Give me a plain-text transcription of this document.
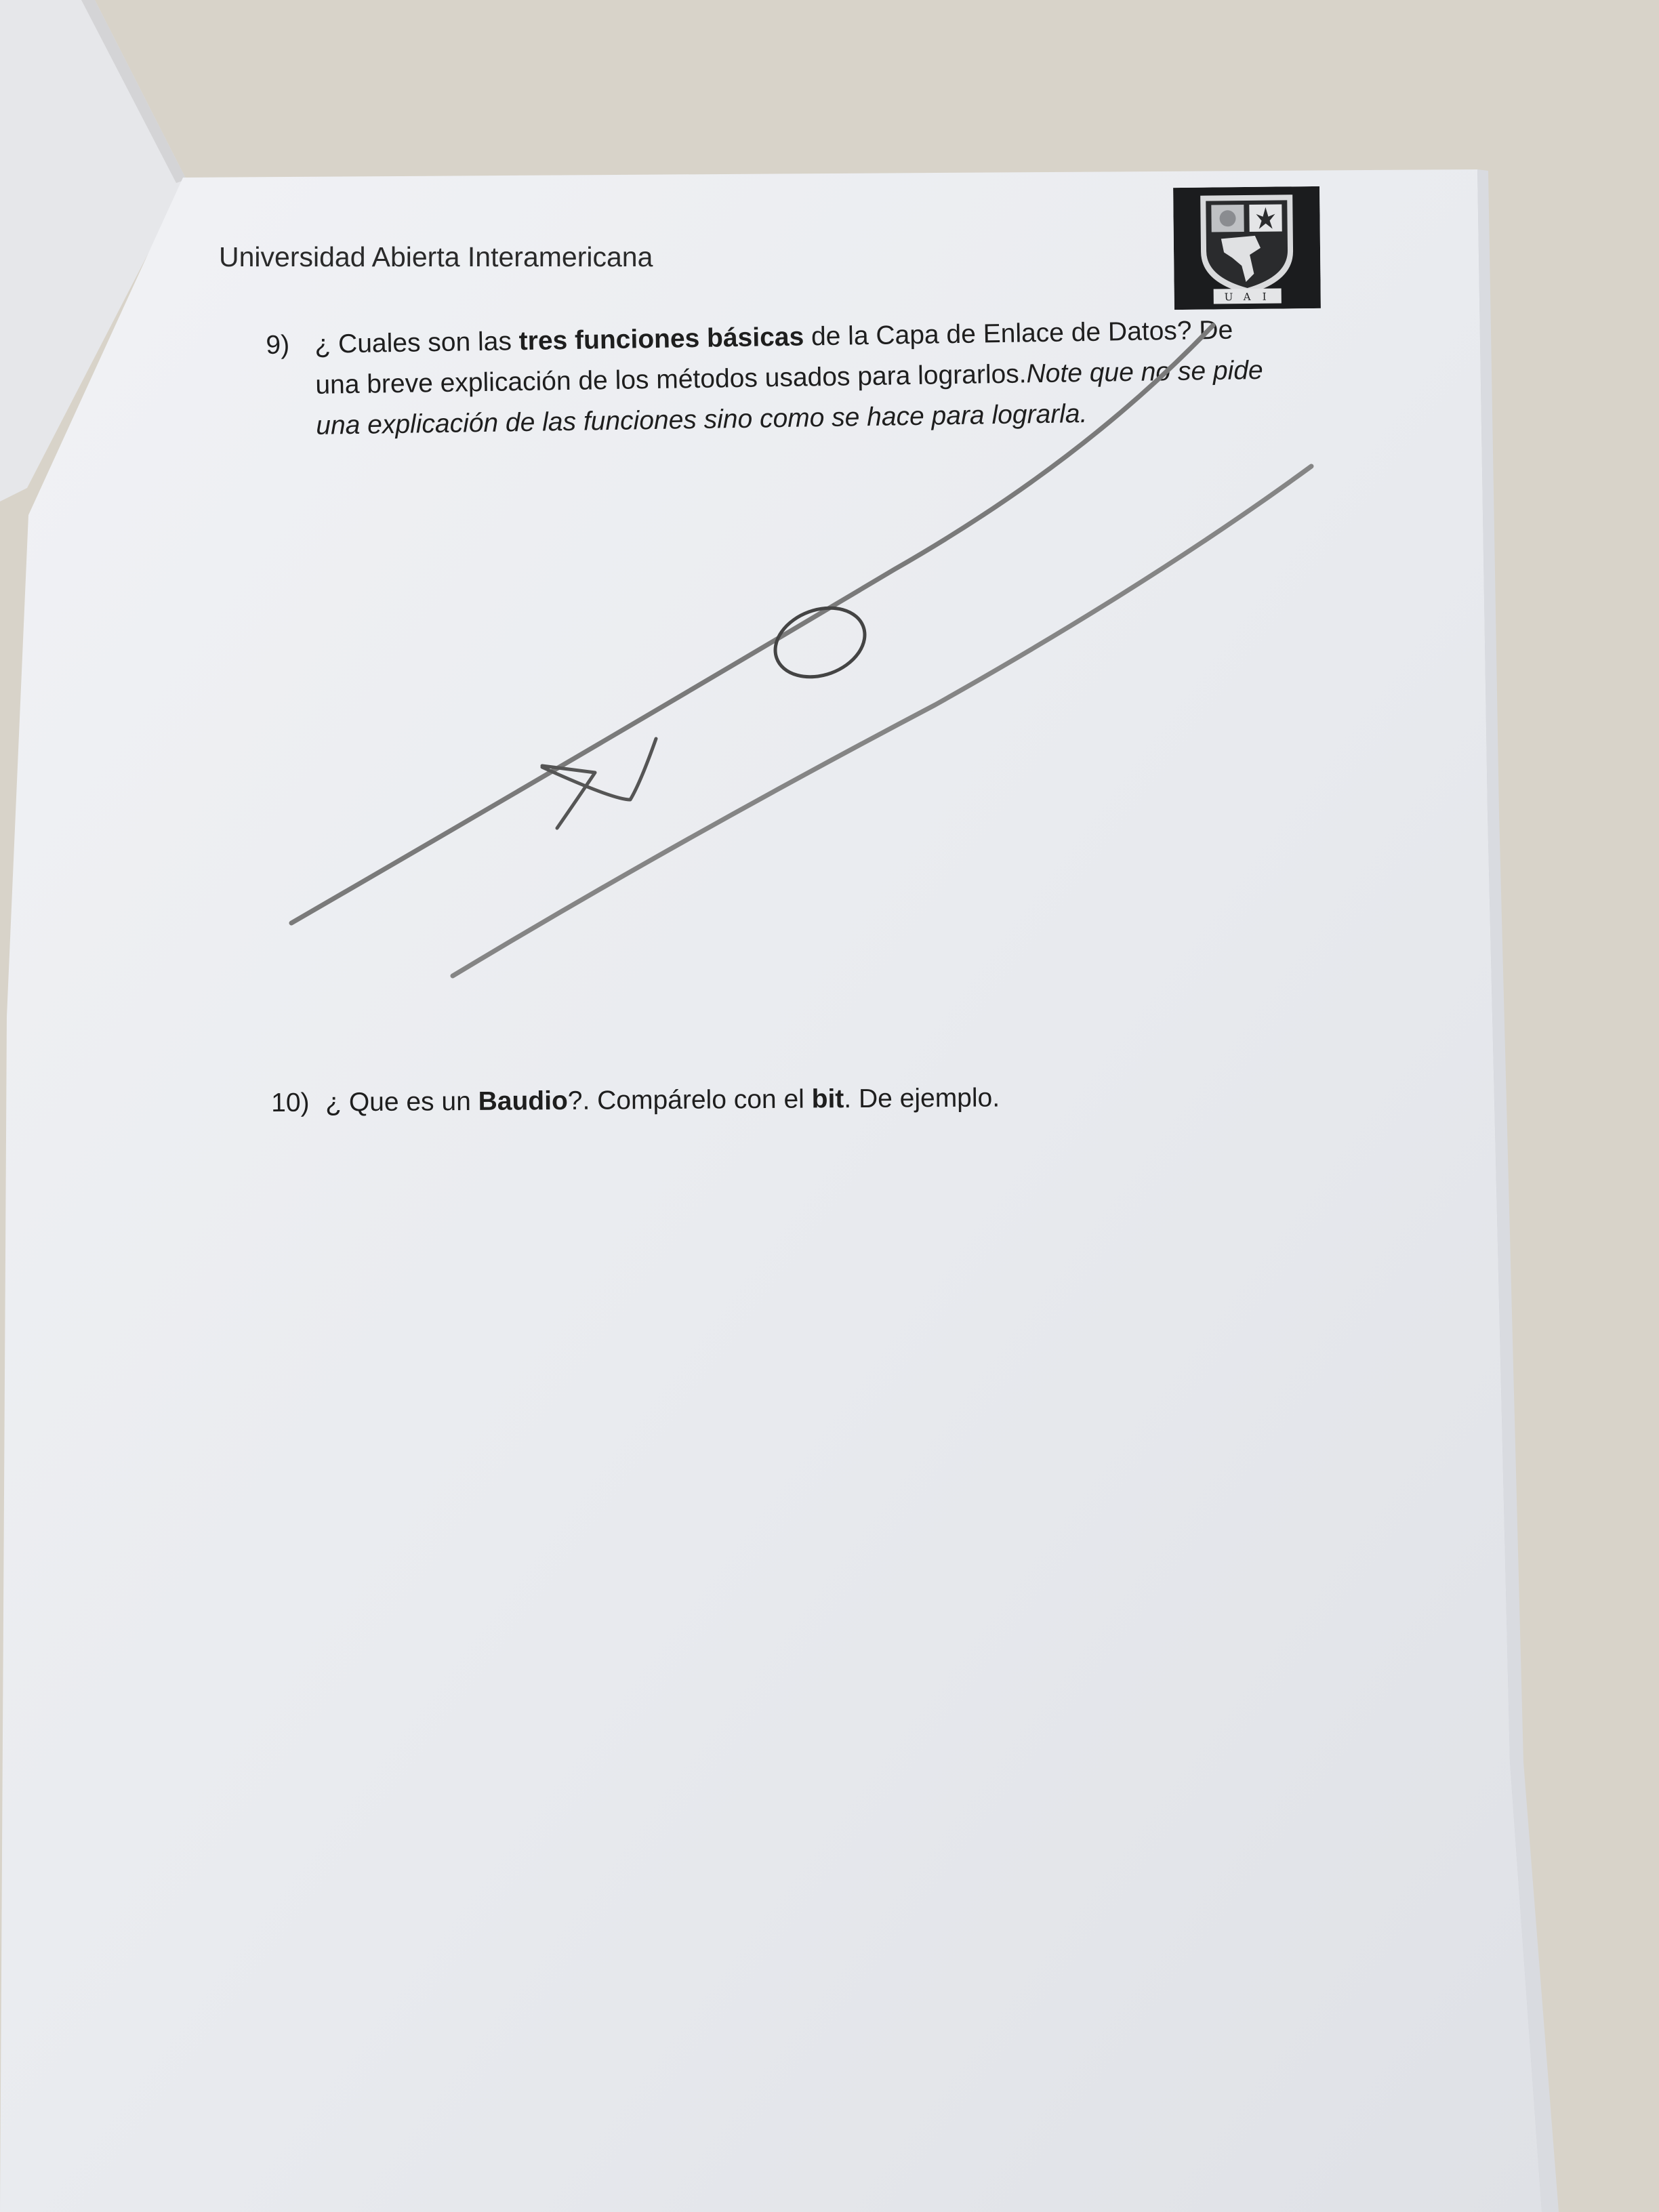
Universidad Abierta Interamericana
U A I
9) ¿ Cuales son las tres funciones básicas de la Capa de Enlace de Datos? De una breve explicación de los métodos usados para lograrlos.Note que no se pide una explicación de las funciones sino como se hace para lograrla.
10) ¿ Que es un Baudio?. Compárelo con el bit. De ejemplo.
